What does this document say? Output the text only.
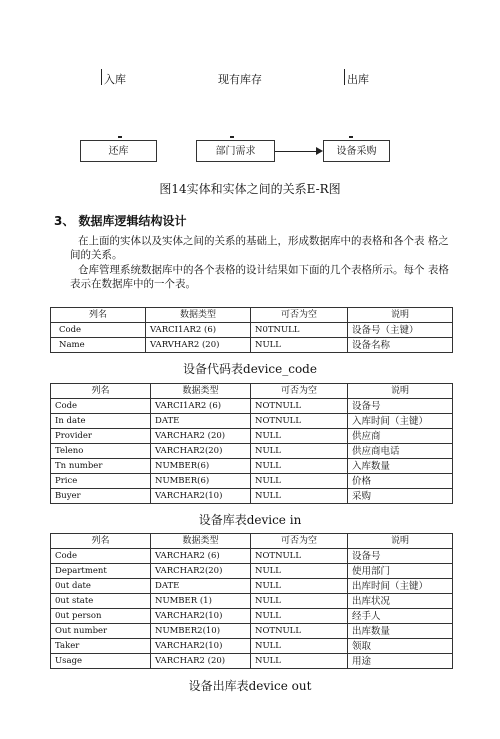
入库	现有库存	出库
还库	部门需求	设备采购
图14实体和实体之间的关系E-R图
3、 数据库逻辑结构设计
在上面的实体以及实体之间的关系的基础上，形成数据库中的表格和各个表 格之间的关系。
仓库管理系统数据库中的各个表格的设计结果如下面的几个表格所示。每个 表格表示在数据库中的一个表。
列名	数据类型	可否为空	说明
Code	VARCI1AR2 (6)	N0TNULL	设备号（主键）
Name	VARVHAR2 (20)	NULL	设备名称
设备代码表device_code
列名	数据类型	可否为空	说明
Code	VARCI1AR2 (6)	NOTNULL	设备号
In date	DATE	NOTNULL	入库时间（主键）
Provider	VARCHAR2 (20)	NULL	供应商
Teleno	VARCHAR2(20)	NULL	供应商电话
Tn number	NUMBER(6)	NULL	入库数量
Price	NUMBER(6)	NULL	价格
Buyer	VARCHAR2(10)	NULL	采购
设备库表device in
列名	数据类型	可否为空	说明
Code	VARCHAR2 (6)	NOTNULL	设备号
Department	VARCHAR2(20)	NULL	使用部门
0ut date	DATE	NULL	出库时间（主键）
0ut state	NUMBER (1)	NULL	出库状况
0ut person	VARCHAR2(10)	NULL	经手人
Out number	NUMBER2(10)	NOTNULL	出库数量
Taker	VARCHAR2(10)	NULL	领取
Usage	VARCHAR2 (20)	NULL	用途
设备出库表device out
